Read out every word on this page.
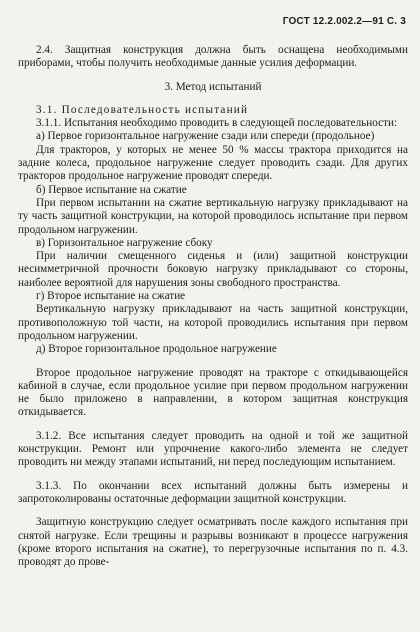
ГОСТ 12.2.002.2—91 С. 3

2.4. Защитная конструкция должна быть оснащена необходимыми приборами, чтобы получить необходимые данные усилия деформации.

3. Метод испытаний

3.1. Последовательность испытаний

3.1.1. Испытания необходимо проводить в следующей последовательности:

а) Первое горизонтальное нагружение сзади или спереди (продольное)

Для тракторов, у которых не менее 50 % массы трактора приходится на задние колеса, продольное нагружение следует проводить сзади. Для других тракторов продольное нагружение проводят спереди.

б) Первое испытание на сжатие

При первом испытании на сжатие вертикальную нагрузку прикладывают на ту часть защитной конструкции, на которой проводилось испытание при первом продольном нагружении.

в) Горизонтальное нагружение сбоку

При наличии смещенного сиденья и (или) защитной конструкции несимметричной прочности боковую нагрузку прикладывают со стороны, наиболее вероятной для нарушения зоны свободного пространства.

г) Второе испытание на сжатие

Вертикальную нагрузку прикладывают на часть защитной конструкции, противоположную той части, на которой проводились испытания при первом продольном нагружении.

д) Второе горизонтальное продольное нагружение

Второе продольное нагружение проводят на тракторе с откидывающейся кабиной в случае, если продольное усилие при первом продольном нагружении не было приложено в направлении, в котором защитная конструкция откидывается.

3.1.2. Все испытания следует проводить на одной и той же защитной конструкции. Ремонт или упрочнение какого-либо элемента не следует проводить ни между этапами испытаний, ни перед последующим испытанием.

3.1.3. По окончании всех испытаний должны быть измерены и запротоколированы остаточные деформации защитной конструкции.

Защитную конструкцию следует осматривать после каждого испытания при снятой нагрузке. Если трещины и разрывы возникают в процессе нагружения (кроме второго испытания на сжатие), то перегрузочные испытания по п. 4.3. проводят до прове-
